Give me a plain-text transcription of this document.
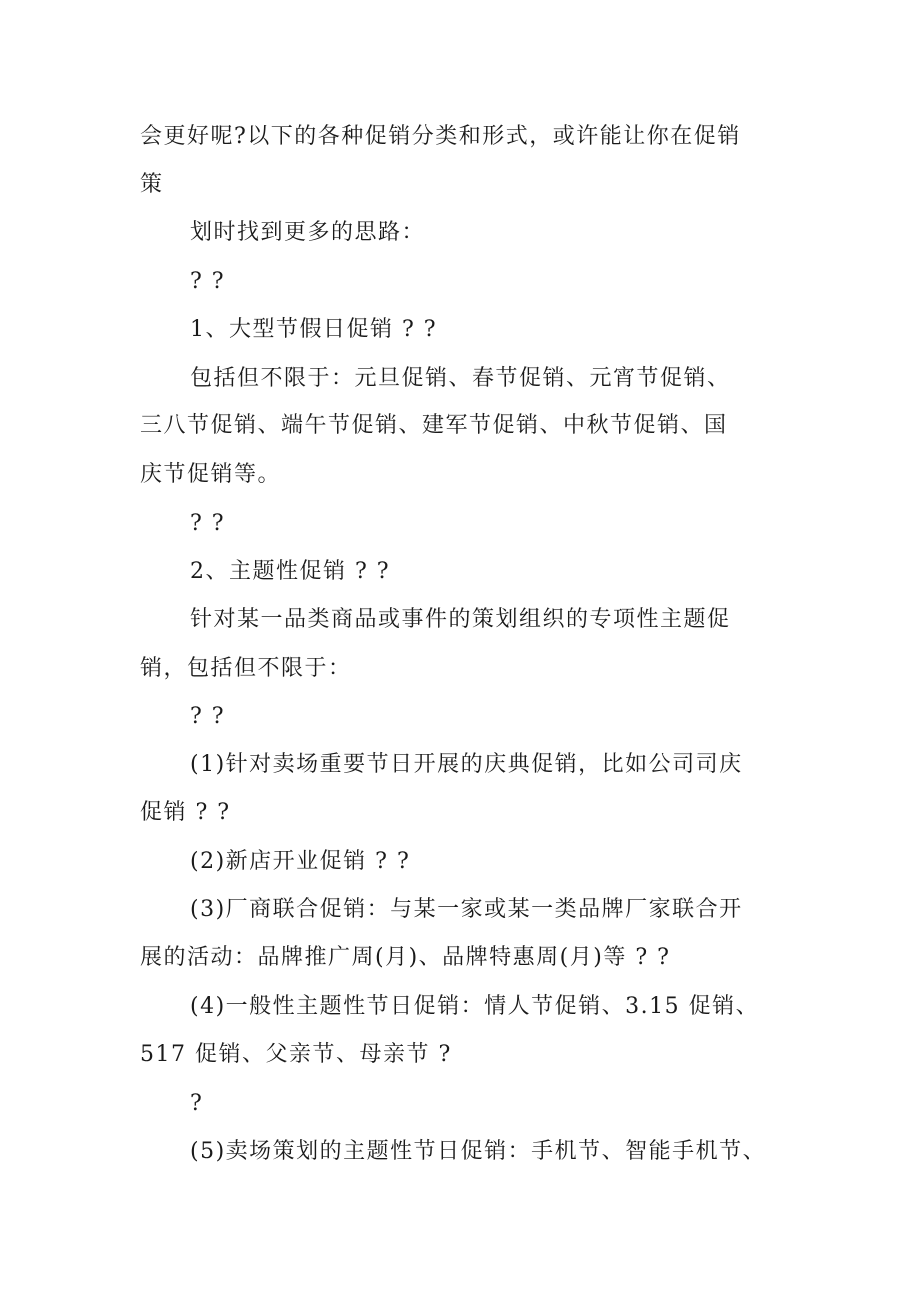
会更好呢?以下的各种促销分类和形式，或许能让你在促销
策
划时找到更多的思路：
? ?
1、大型节假日促销 ? ?
包括但不限于：元旦促销、春节促销、元宵节促销、
三八节促销、端午节促销、建军节促销、中秋节促销、国
庆节促销等。
? ?
2、主题性促销 ? ?
针对某一品类商品或事件的策划组织的专项性主题促
销，包括但不限于：
? ?
(1)针对卖场重要节日开展的庆典促销，比如公司司庆
促销 ? ?
(2)新店开业促销 ? ?
(3)厂商联合促销：与某一家或某一类品牌厂家联合开
展的活动：品牌推广周(月)、品牌特惠周(月)等 ? ?
(4)一般性主题性节日促销：情人节促销、3.15 促销、
517 促销、父亲节、母亲节 ?
?
(5)卖场策划的主题性节日促销：手机节、智能手机节、
